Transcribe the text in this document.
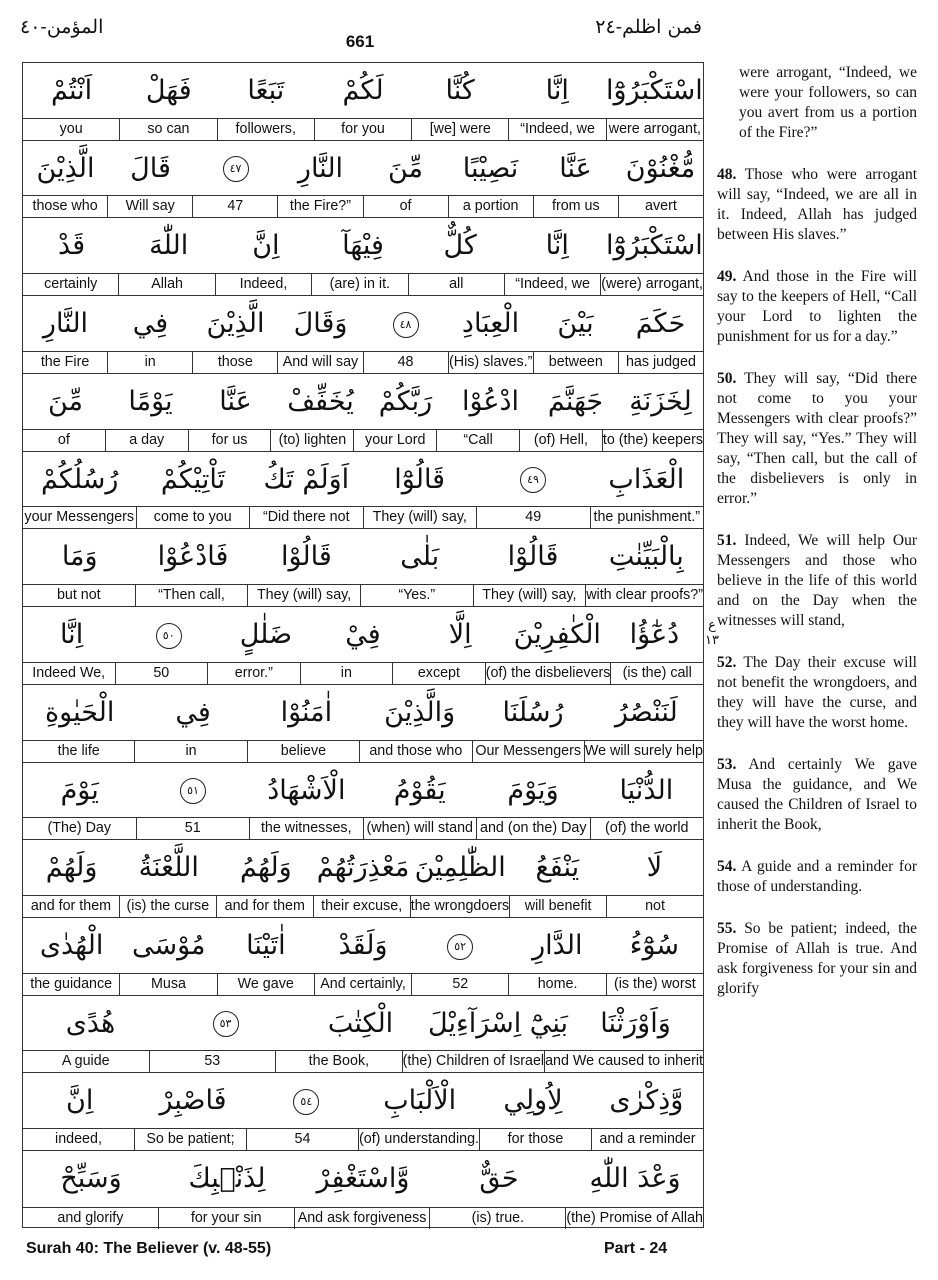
المؤمن-٤٠
661
فمن اظلم-٢٤
اسْتَكْبَرُوْٓا
اِنَّا
كُنَّا
لَكُمْ
تَبَعًا
فَهَلْ
اَنْتُمْ
were arrogant,
“Indeed, we
[we] were
for you
followers,
so can
you
مُّغْنُوْنَ
عَنَّا
نَصِيْبًا
مِّنَ
النَّارِ
٤٧
قَالَ
الَّذِيْنَ
avert
from us
a portion
of
the Fire?”
47
Will say
those who
اسْتَكْبَرُوْٓا
اِنَّا
كُلٌّ
فِيْهَآ
اِنَّ
اللّٰهَ
قَدْ
(were) arrogant,
“Indeed, we
all
(are) in it.
Indeed,
Allah
certainly
حَكَمَ
بَيْنَ
الْعِبَادِ
٤٨
وَقَالَ
الَّذِيْنَ
فِي
النَّارِ
has judged
between
(His) slaves.”
48
And will say
those
in
the Fire
لِخَزَنَةِ
جَهَنَّمَ
ادْعُوْا
رَبَّكُمْ
يُخَفِّفْ
عَنَّا
يَوْمًا
مِّنَ
to (the) keepers
(of) Hell,
“Call
your Lord
(to) lighten
for us
a day
of
الْعَذَابِ
٤٩
قَالُوْٓا
اَوَلَمْ تَكُ
تَاْتِيْكُمْ
رُسُلُكُمْ
the punishment.”
49
They (will) say,
“Did there not
come to you
your Messengers
بِالْبَيِّنٰتِ
قَالُوْا
بَلٰى
قَالُوْا
فَادْعُوْا
وَمَا
with clear proofs?”
They (will) say,
“Yes.”
They (will) say,
“Then call,
but not
دُعٰٓؤُا
الْكٰفِرِيْنَ
اِلَّا
فِيْ
ضَلٰلٍ
٥٠
اِنَّا
(is the) call
(of) the disbelievers
except
in
error.”
50
Indeed We,
لَنَنْصُرُ
رُسُلَنَا
وَالَّذِيْنَ
اٰمَنُوْا
فِي
الْحَيٰوةِ
We will surely help
Our Messengers
and those who
believe
in
the life
الدُّنْيَا
وَيَوْمَ
يَقُوْمُ
الْاَشْهَادُ
٥١
يَوْمَ
(of) the world
and (on the) Day
(when) will stand
the witnesses,
51
(The) Day
لَا
يَنْفَعُ
الظّٰلِمِيْنَ
مَعْذِرَتُهُمْ
وَلَهُمُ
اللَّعْنَةُ
وَلَهُمْ
not
will benefit
the wrongdoers
their excuse,
and for them
(is) the curse
and for them
سُوْٓءُ
الدَّارِ
٥٢
وَلَقَدْ
اٰتَيْنَا
مُوْسَى
الْهُدٰى
(is the) worst
home.
52
And certainly,
We gave
Musa
the guidance
وَاَوْرَثْنَا
بَنِيْٓ اِسْرَآءِيْلَ
الْكِتٰبَ
٥٣
هُدًى
and We caused to inherit
(the) Children of Israel
the Book,
53
A guide
وَّذِكْرٰى
لِاُولِي
الْاَلْبَابِ
٥٤
فَاصْبِرْ
اِنَّ
and a reminder
for those
(of) understanding.
54
So be patient;
indeed,
وَعْدَ اللّٰهِ
حَقٌّ
وَّاسْتَغْفِرْ
لِذَنْۢبِكَ
وَسَبِّحْ
(the) Promise of Allah
(is) true.
And ask forgiveness
for your sin
and glorify
ع ١٣
were arrogant, “Indeed, we were your followers, so can you avert from us a portion of the Fire?”
48. Those who were arrogant will say, “Indeed, we are all in it. Indeed, Allah has judged between His slaves.”
49. And those in the Fire will say to the keepers of Hell, “Call your Lord to lighten the punishment for us for a day.”
50. They will say, “Did there not come to you your Messengers with clear proofs?” They will say, “Yes.” They will say, “Then call, but the call of the disbelievers is only in error.”
51. Indeed, We will help Our Messengers and those who believe in the life of this world and on the Day when the witnesses will stand,
52. The Day their excuse will not benefit the wrongdoers, and they will have the curse, and they will have the worst home.
53. And certainly We gave Musa the guidance, and We caused the Children of Israel to inherit the Book,
54. A guide and a reminder for those of understanding.
55. So be patient; indeed, the Promise of Allah is true. And ask forgiveness for your sin and glorify
Surah 40: The Believer (v. 48-55)	Part - 24
